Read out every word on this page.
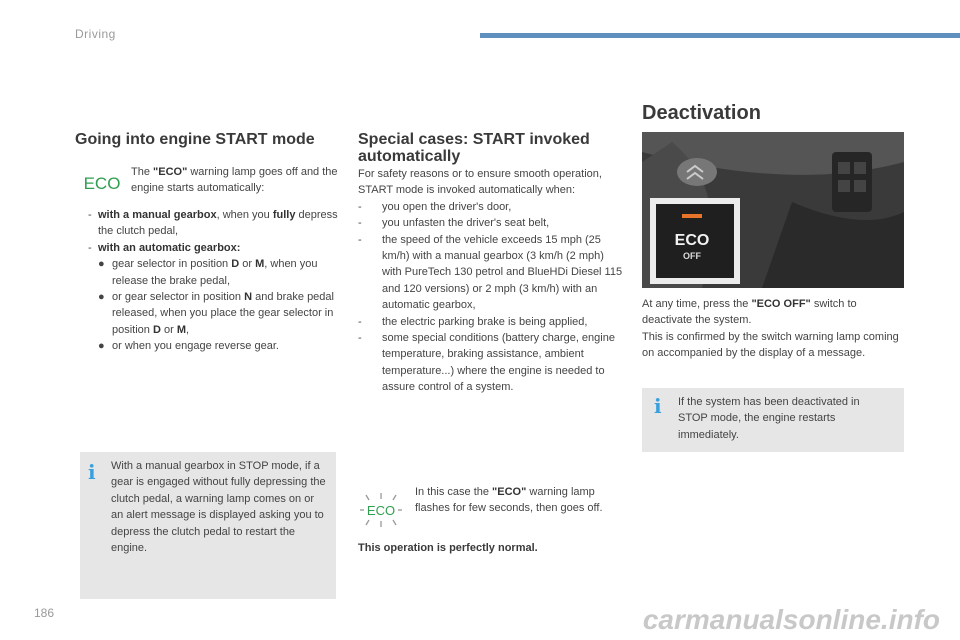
Driving
Going into engine START mode
ECO
The "ECO" warning lamp goes off and the engine starts automatically:
- with a manual gearbox, when you fully depress the clutch pedal,
- with an automatic gearbox:
● gear selector in position D or M, when you release the brake pedal,
● or gear selector in position N and brake pedal released, when you place the gear selector in position D or M,
● or when you engage reverse gear.
i With a manual gearbox in STOP mode, if a gear is engaged without fully depressing the clutch pedal, a warning lamp comes on or an alert message is displayed asking you to depress the clutch pedal to restart the engine.
Special cases: START invoked automatically
For safety reasons or to ensure smooth operation, START mode is invoked automatically when:
- you open the driver's door,
- you unfasten the driver's seat belt,
- the speed of the vehicle exceeds 15 mph (25 km/h) with a manual gearbox (3 km/h (2 mph) with PureTech 130 petrol and BlueHDi Diesel 115 and 120 versions) or 2 mph (3 km/h) with an automatic gearbox,
- the electric parking brake is being applied,
- some special conditions (battery charge, engine temperature, braking assistance, ambient temperature...) where the engine is needed to assure control of a system.
ECO
In this case the "ECO" warning lamp flashes for few seconds, then goes off.
This operation is perfectly normal.
Deactivation
ECO
OFF
At any time, press the "ECO OFF" switch to deactivate the system.
This is confirmed by the switch warning lamp coming on accompanied by the display of a message.
i If the system has been deactivated in STOP mode, the engine restarts immediately.
186	carmanualsonline.info
